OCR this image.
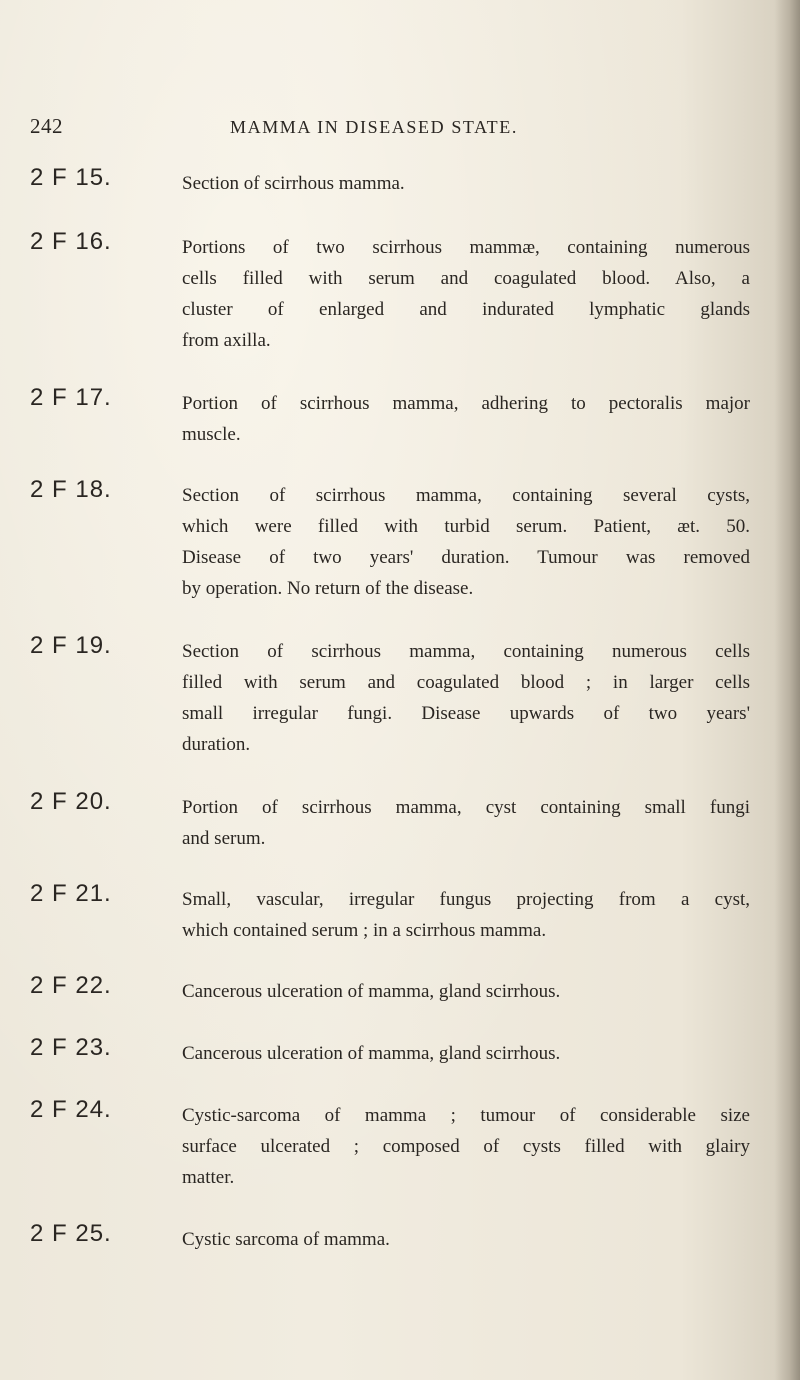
242	MAMMA IN DISEASED STATE.
2 F 15.	Section of scirrhous mamma.
2 F 16.	Portions of two scirrhous mammæ, containing numerous
cells filled with serum and coagulated blood. Also, a
cluster of enlarged and indurated lymphatic glands
from axilla.
2 F 17.	Portion of scirrhous mamma, adhering to pectoralis major
muscle.
2 F 18.	Section of scirrhous mamma, containing several cysts,
which were filled with turbid serum. Patient, æt. 50.
Disease of two years' duration. Tumour was removed
by operation. No return of the disease.
2 F 19.	Section of scirrhous mamma, containing numerous cells
filled with serum and coagulated blood ; in larger cells
small irregular fungi. Disease upwards of two years'
duration.
2 F 20.	Portion of scirrhous mamma, cyst containing small fungi
and serum.
2 F 21.	Small, vascular, irregular fungus projecting from a cyst,
which contained serum ; in a scirrhous mamma.
2 F 22.	Cancerous ulceration of mamma, gland scirrhous.
2 F 23.	Cancerous ulceration of mamma, gland scirrhous.
2 F 24.	Cystic-sarcoma of mamma ; tumour of considerable size
surface ulcerated ; composed of cysts filled with glairy
matter.
2 F 25.	Cystic sarcoma of mamma.
